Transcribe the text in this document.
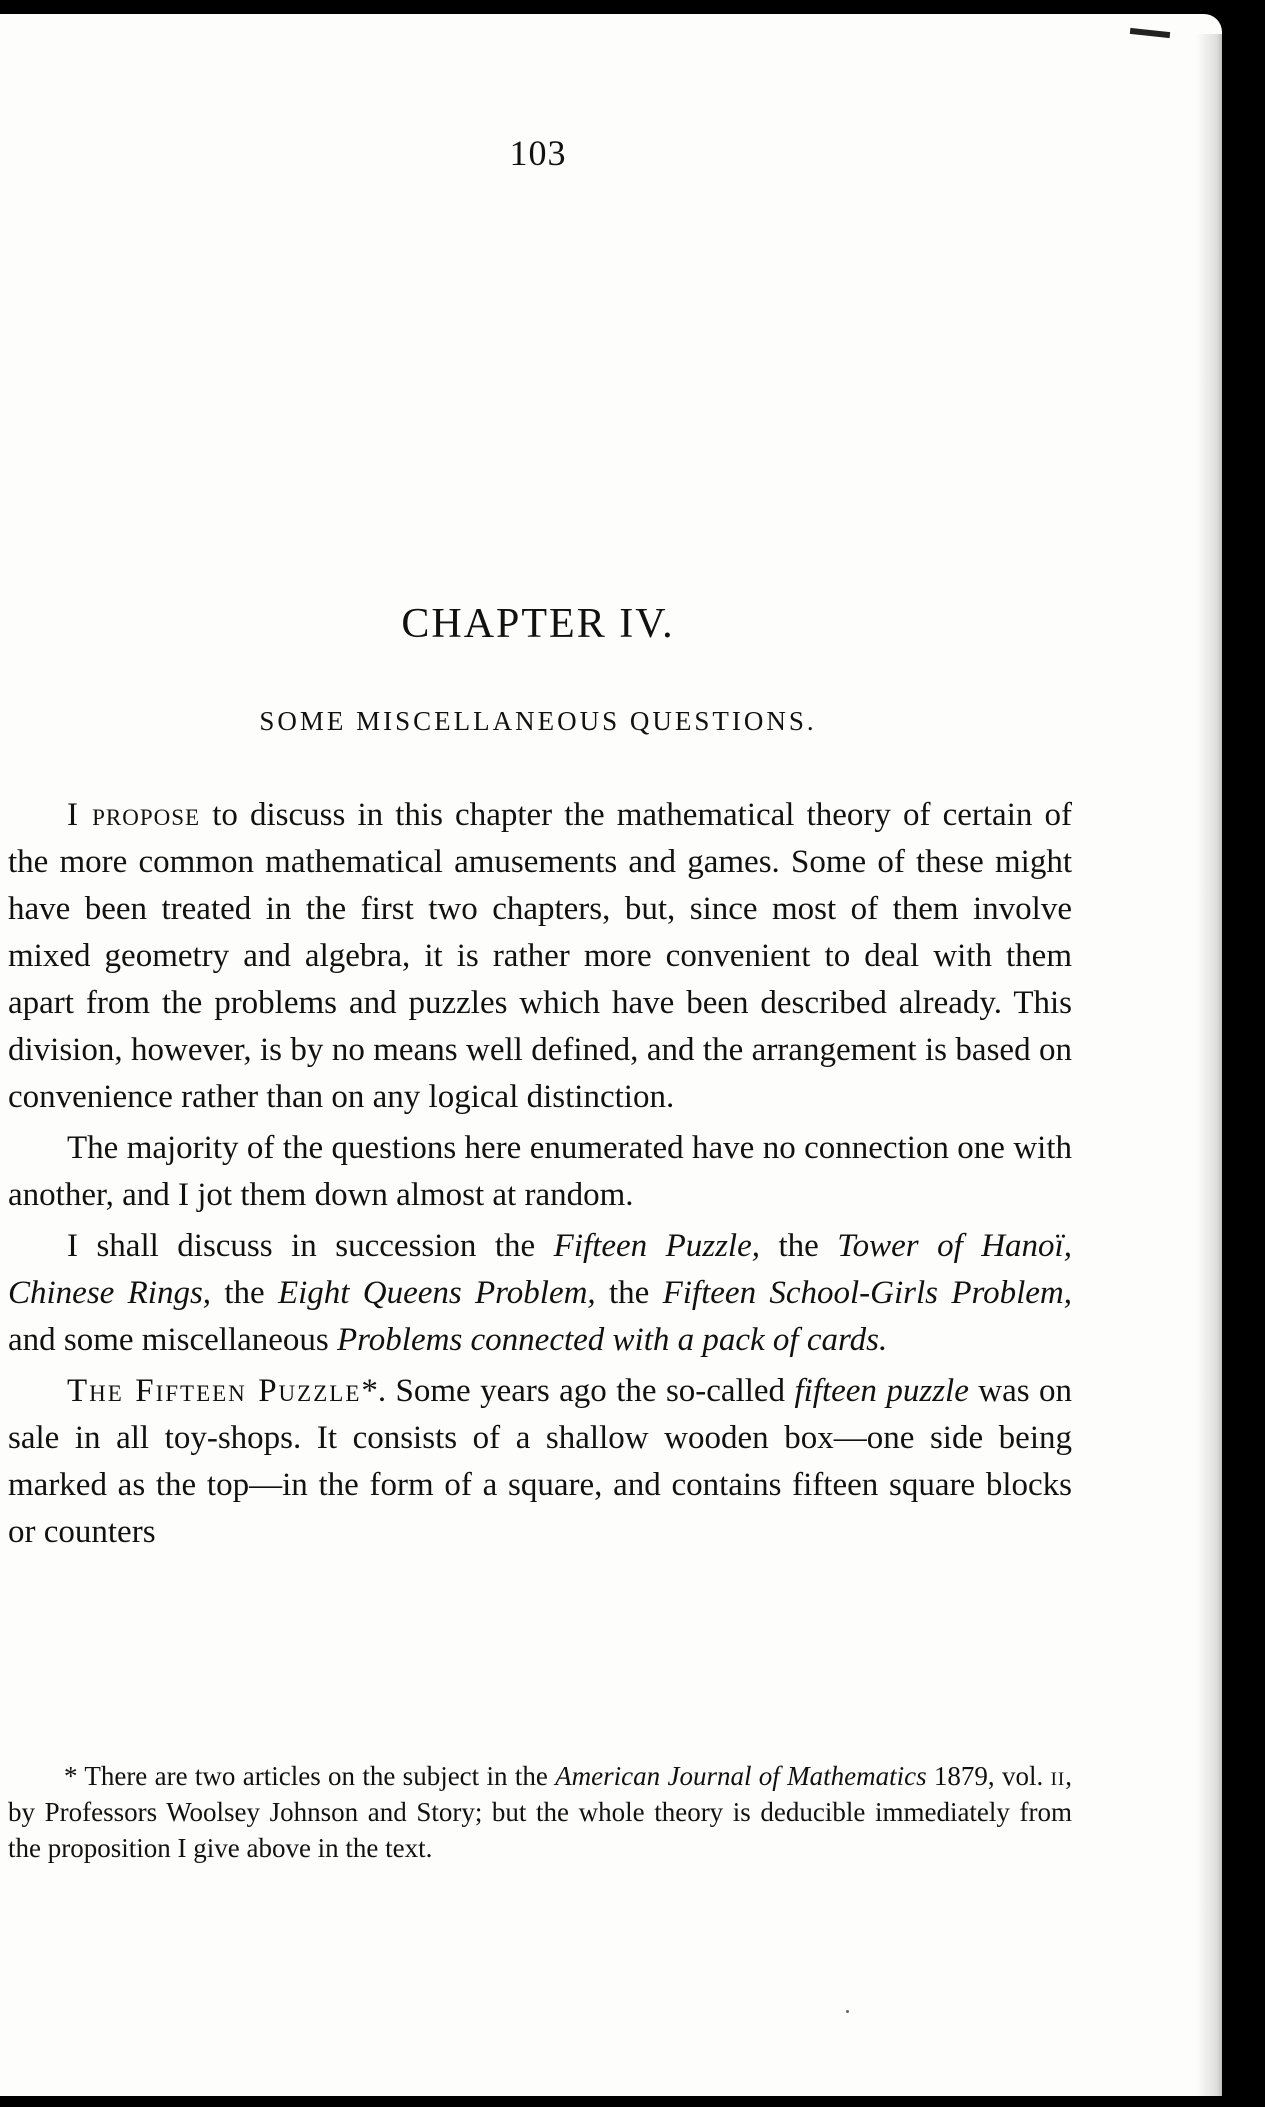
103
CHAPTER IV.
SOME MISCELLANEOUS QUESTIONS.

I propose to discuss in this chapter the mathematical theory of certain of the more common mathematical amusements and games. Some of these might have been treated in the first two chapters, but, since most of them involve mixed geometry and algebra, it is rather more convenient to deal with them apart from the problems and puzzles which have been described already. This division, however, is by no means well defined, and the arrangement is based on convenience rather than on any logical distinction.

The majority of the questions here enumerated have no connection one with another, and I jot them down almost at random.

I shall discuss in succession the Fifteen Puzzle, the Tower of Hanoï, Chinese Rings, the Eight Queens Problem, the Fifteen School-Girls Problem, and some miscellaneous Problems connected with a pack of cards.

The Fifteen Puzzle*. Some years ago the so-called fifteen puzzle was on sale in all toy-shops. It consists of a shallow wooden box—one side being marked as the top—in the form of a square, and contains fifteen square blocks or counters

* There are two articles on the subject in the American Journal of Mathematics 1879, vol. ii, by Professors Woolsey Johnson and Story; but the whole theory is deducible immediately from the proposition I give above in the text.
